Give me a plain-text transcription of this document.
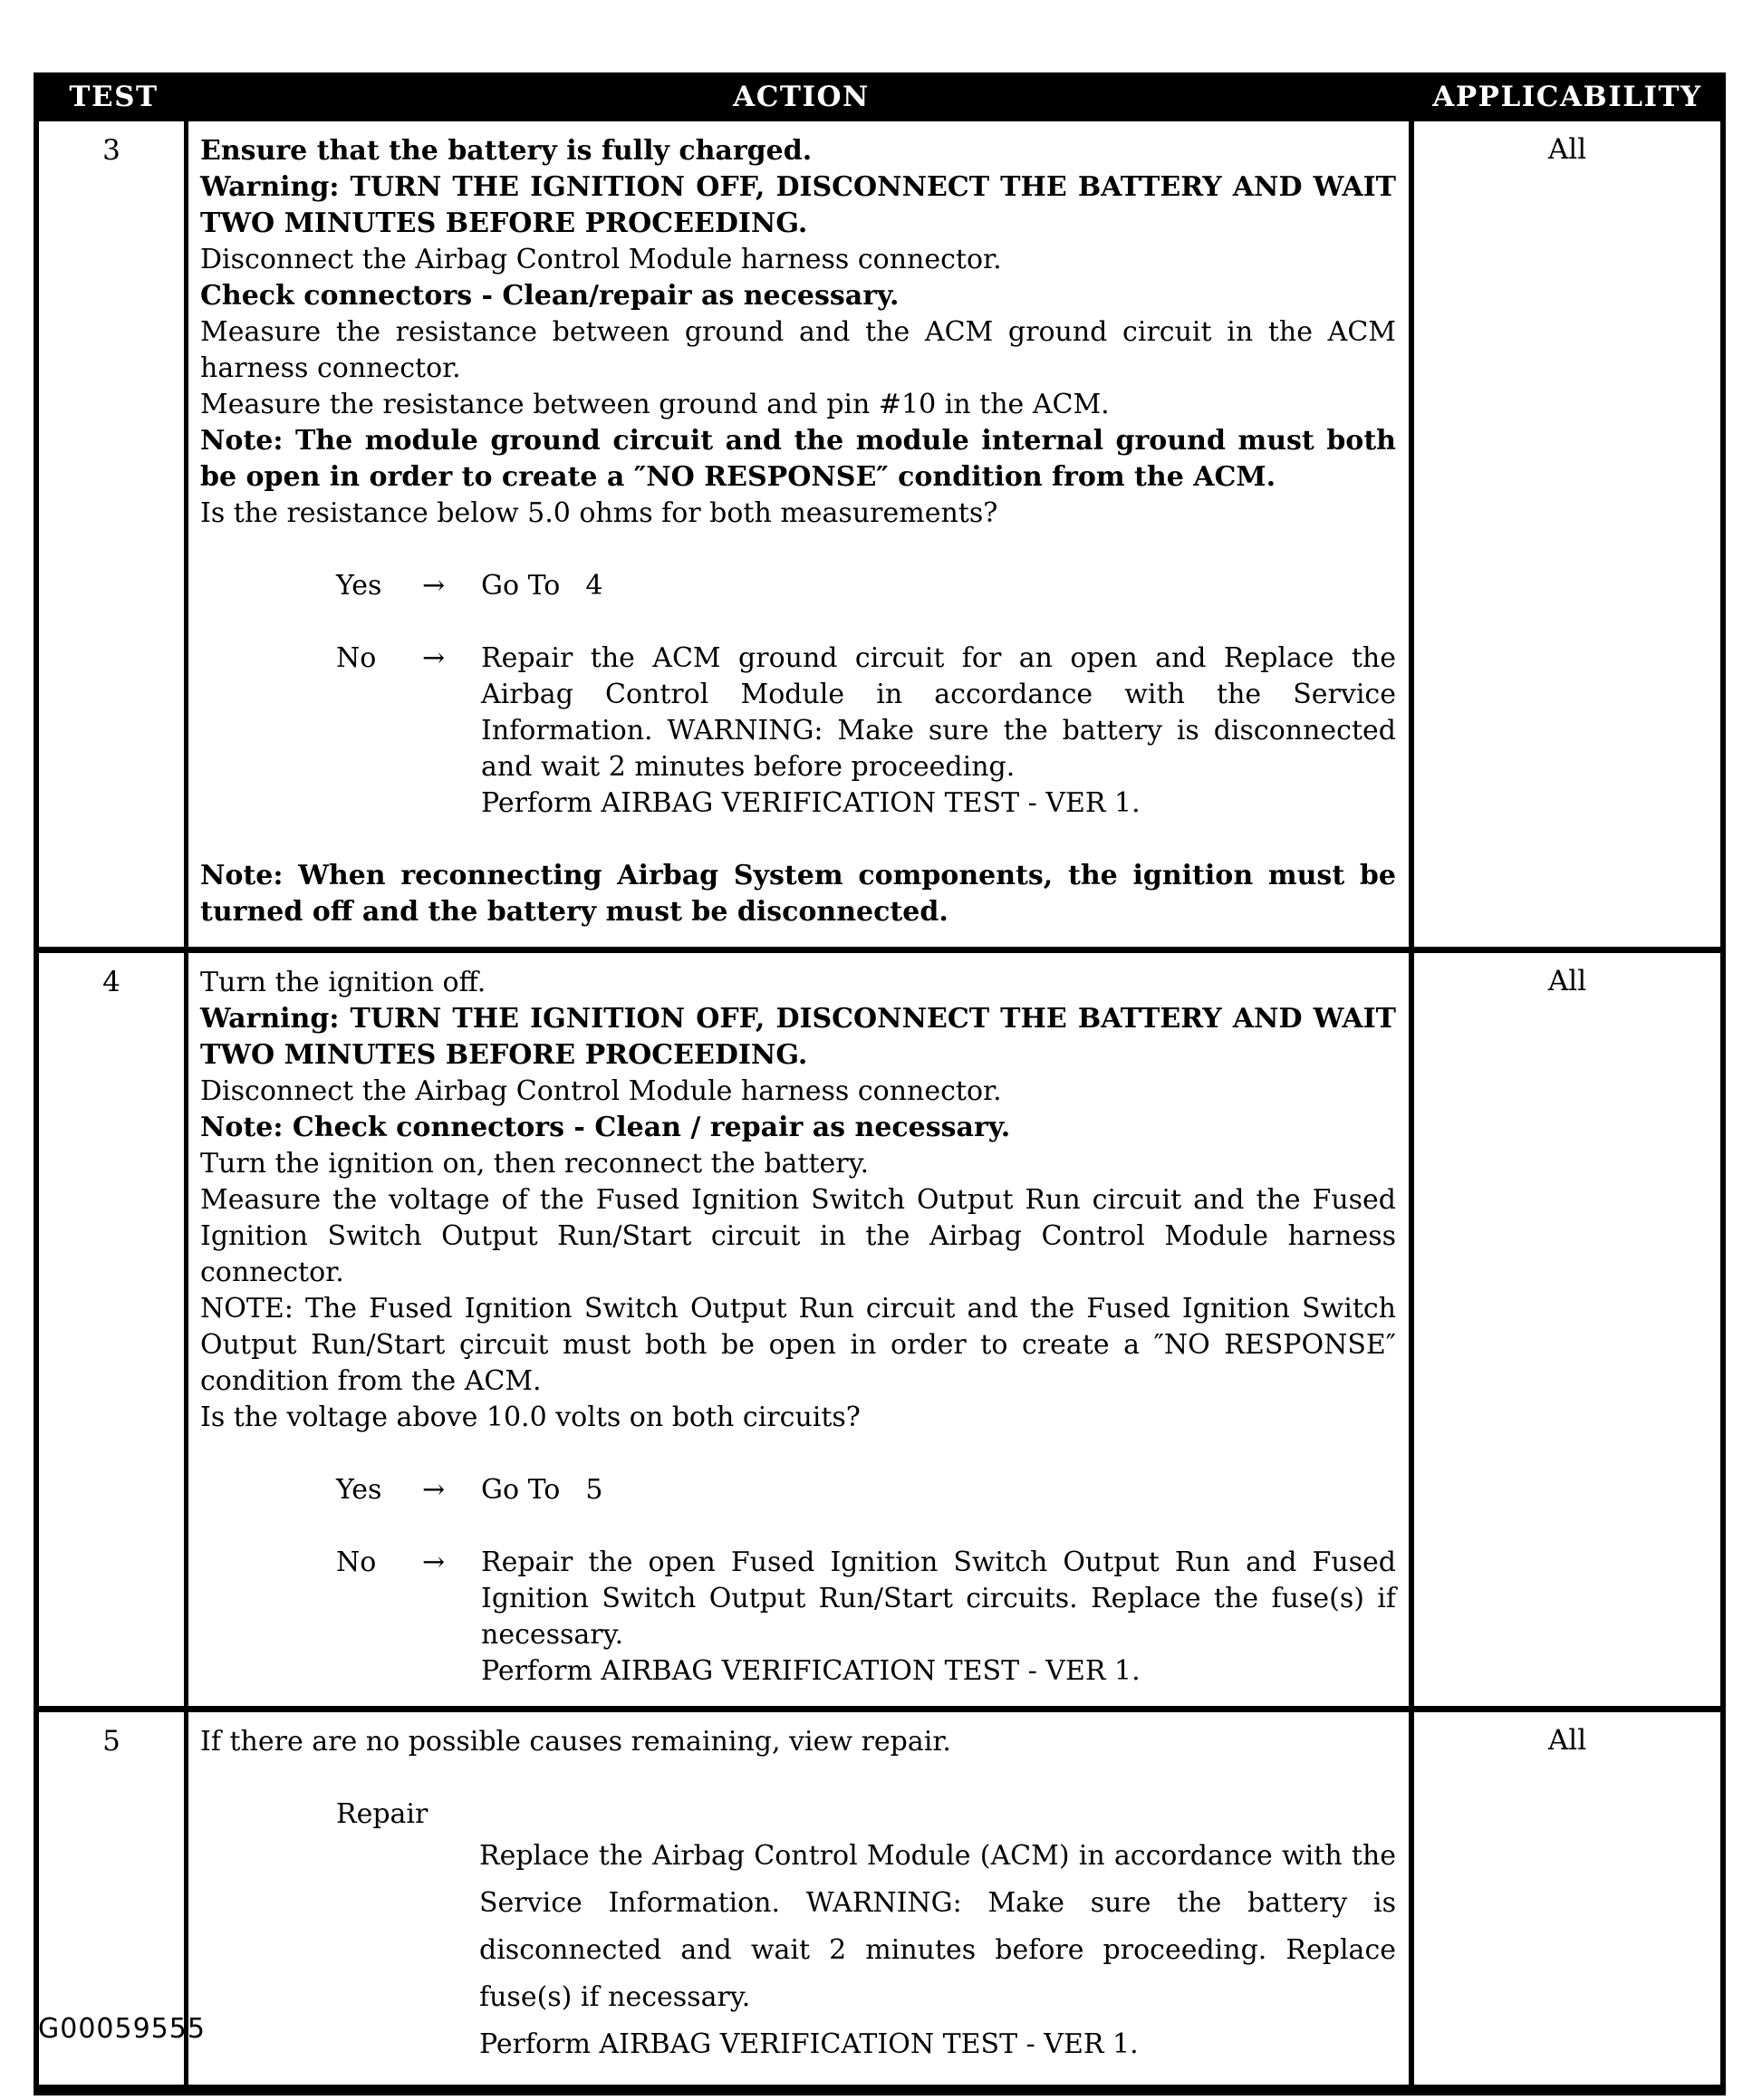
TEST	ACTION	APPLICABILITY
3	Ensure that the battery is fully charged.
Warning: TURN THE IGNITION OFF, DISCONNECT THE BATTERY AND WAIT TWO MINUTES BEFORE PROCEEDING.
Disconnect the Airbag Control Module harness connector.
Check connectors - Clean/repair as necessary.
Measure the resistance between ground and the ACM ground circuit in the ACM harness connector.
Measure the resistance between ground and pin #10 in the ACM.
Note: The module ground circuit and the module internal ground must both be open in order to create a ″NO RESPONSE″ condition from the ACM.
Is the resistance below 5.0 ohms for both measurements?
Yes	→	Go To 4
No	→	Repair the ACM ground circuit for an open and Replace the Airbag Control Module in accordance with the Service Information. WARNING: Make sure the battery is disconnected and wait 2 minutes before proceeding.
Perform AIRBAG VERIFICATION TEST - VER 1.
Note: When reconnecting Airbag System components, the ignition must be turned off and the battery must be disconnected.
All
4	Turn the ignition off.
Warning: TURN THE IGNITION OFF, DISCONNECT THE BATTERY AND WAIT TWO MINUTES BEFORE PROCEEDING.
Disconnect the Airbag Control Module harness connector.
Note: Check connectors - Clean / repair as necessary.
Turn the ignition on, then reconnect the battery.
Measure the voltage of the Fused Ignition Switch Output Run circuit and the Fused Ignition Switch Output Run/Start circuit in the Airbag Control Module harness connector.
NOTE: The Fused Ignition Switch Output Run circuit and the Fused Ignition Switch Output Run/Start çircuit must both be open in order to create a ″NO RESPONSE″ condition from the ACM.
Is the voltage above 10.0 volts on both circuits?
Yes	→	Go To 5
No	→	Repair the open Fused Ignition Switch Output Run and Fused Ignition Switch Output Run/Start circuits. Replace the fuse(s) if necessary.
Perform AIRBAG VERIFICATION TEST - VER 1.
All
5	If there are no possible causes remaining, view repair.
Repair
Replace the Airbag Control Module (ACM) in accordance with the Service Information. WARNING: Make sure the battery is disconnected and wait 2 minutes before proceeding. Replace fuse(s) if necessary.
Perform AIRBAG VERIFICATION TEST - VER 1.
All
G00059555
